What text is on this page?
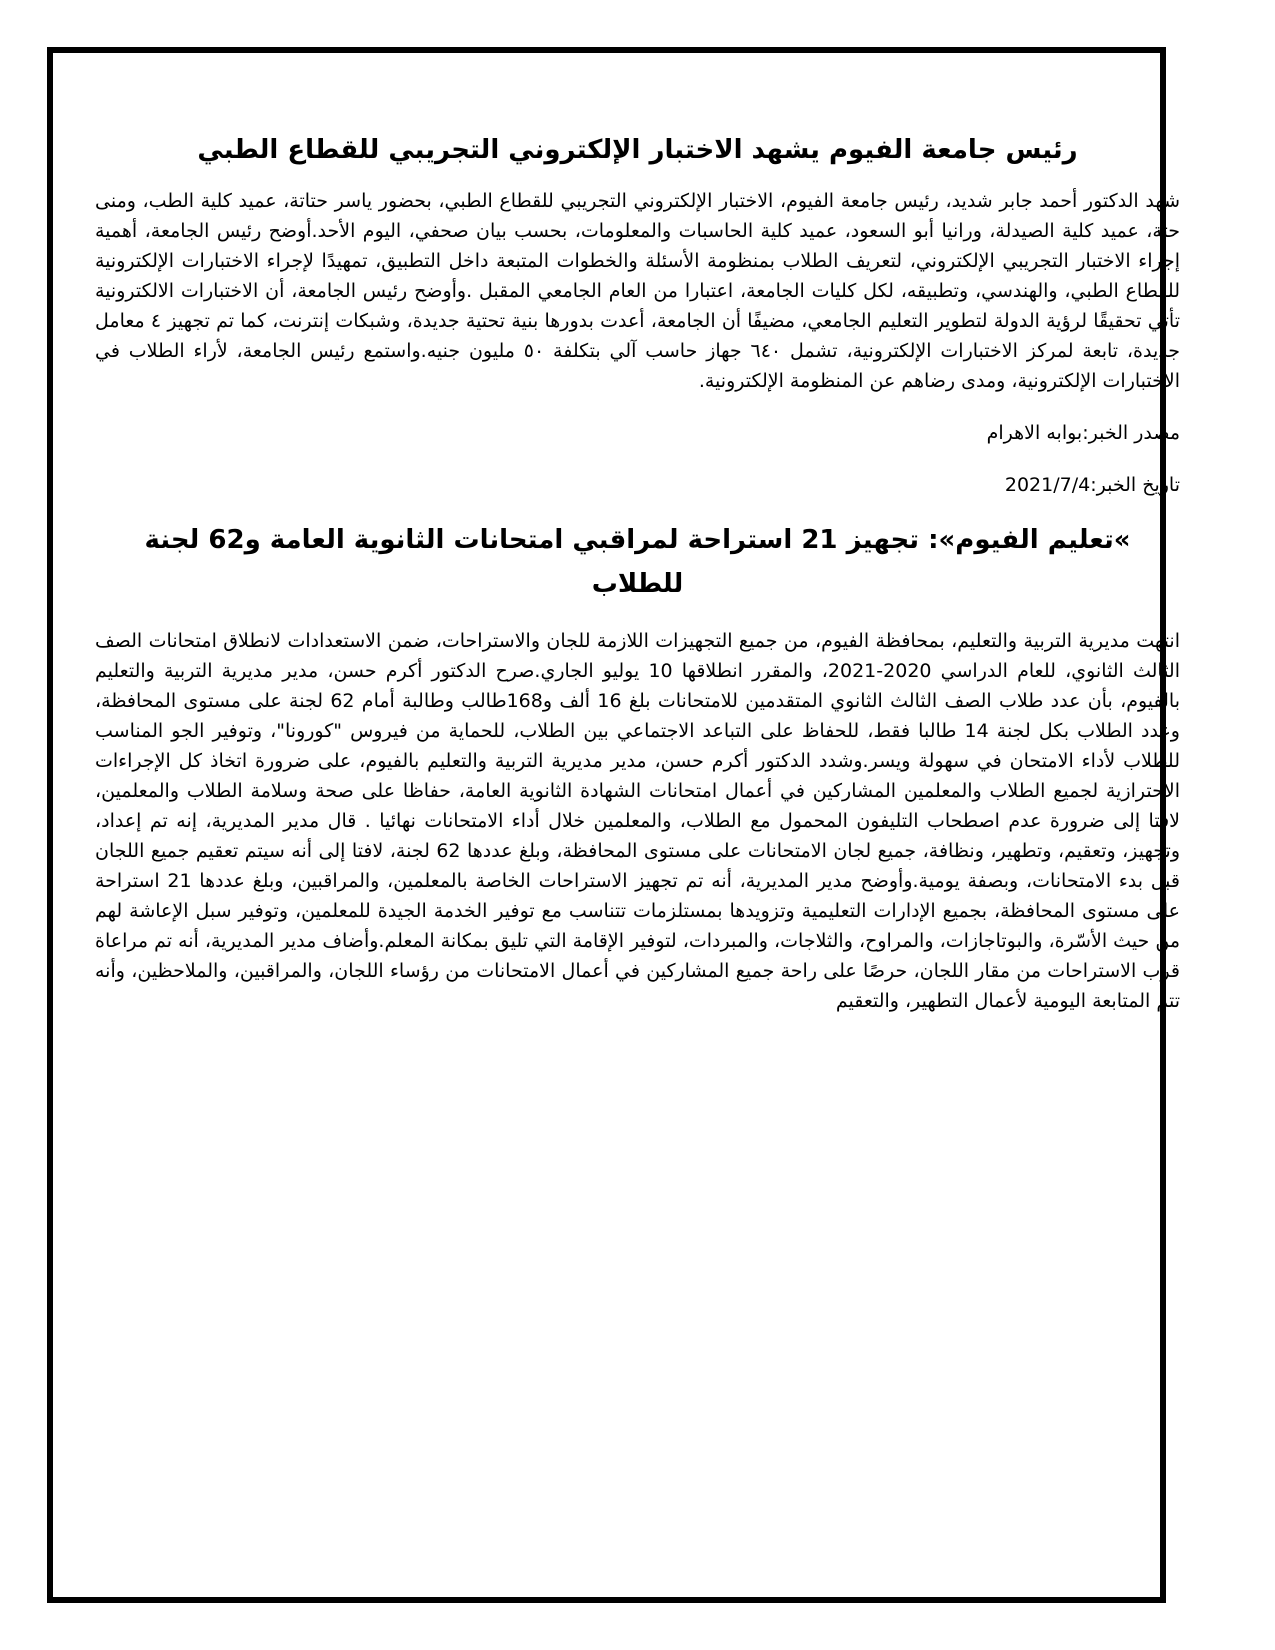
رئيس جامعة الفيوم يشهد الاختبار الإلكتروني التجريبي للقطاع الطبي

شهد الدكتور أحمد جابر شديد، رئيس جامعة الفيوم، الاختبار الإلكتروني التجريبي للقطاع الطبي، بحضور ياسر حتاتة، عميد كلية الطب، ومنى حتة، عميد كلية الصيدلة، ورانيا أبو السعود، عميد كلية الحاسبات والمعلومات، بحسب بيان صحفي، اليوم الأحد.أوضح رئيس الجامعة، أهمية إجراء الاختبار التجريبي الإلكتروني، لتعريف الطلاب بمنظومة الأسئلة والخطوات المتبعة داخل التطبيق، تمهيدًا لإجراء الاختبارات الإلكترونية للقطاع الطبي، والهندسي، وتطبيقه، لكل كليات الجامعة، اعتبارا من العام الجامعي المقبل .وأوضح رئيس الجامعة، أن الاختبارات الالكترونية تأتي تحقيقًا لرؤية الدولة لتطوير التعليم الجامعي، مضيفًا أن الجامعة، أعدت بدورها بنية تحتية جديدة، وشبكات إنترنت، كما تم تجهيز ٤ معامل جديدة، تابعة لمركز الاختبارات الإلكترونية، تشمل ٦٤٠ جهاز حاسب آلي بتكلفة ٥٠ مليون جنيه.واستمع رئيس الجامعة، لأراء الطلاب في الاختبارات الإلكترونية، ومدى رضاهم عن المنظومة الإلكترونية.

مصدر الخبر:بوابه الاهرام
تاريخ الخبر:2021/7/4
»تعليم الفيوم»: تجهيز 21 استراحة لمراقبي امتحانات الثانوية العامة و62 لجنة للطلاب

انتهت مديرية التربية والتعليم، بمحافظة الفيوم، من جميع التجهيزات اللازمة للجان والاستراحات، ضمن الاستعدادات لانطلاق امتحانات الصف الثالث الثانوي، للعام الدراسي 2020-2021، والمقرر انطلاقها 10 يوليو الجاري.صرح الدكتور أكرم حسن، مدير مديرية التربية والتعليم بالفيوم، بأن عدد طلاب الصف الثالث الثانوي المتقدمين للامتحانات بلغ 16 ألف و168طالب وطالبة أمام 62 لجنة على مستوى المحافظة، وعدد الطلاب بكل لجنة 14 طالبا فقط، للحفاظ على التباعد الاجتماعي بين الطلاب، للحماية من فيروس "كورونا"، وتوفير الجو المناسب للطلاب لأداء الامتحان في سهولة ويسر.وشدد الدكتور أكرم حسن، مدير مديرية التربية والتعليم بالفيوم، على ضرورة اتخاذ كل الإجراءات الاحترازية لجميع الطلاب والمعلمين المشاركين في أعمال امتحانات الشهادة الثانوية العامة، حفاظا على صحة وسلامة الطلاب والمعلمين، لافتا إلى ضرورة عدم اصطحاب التليفون المحمول مع الطلاب، والمعلمين خلال أداء الامتحانات نهائيا . قال مدير المديرية، إنه تم إعداد، وتجهيز، وتعقيم، وتطهير، ونظافة، جميع لجان الامتحانات على مستوى المحافظة، وبلغ عددها 62 لجنة، لافتا إلى أنه سيتم تعقيم جميع اللجان قبل بدء الامتحانات، وبصفة يومية.وأوضح مدير المديرية، أنه تم تجهيز الاستراحات الخاصة بالمعلمين، والمراقبين، وبلغ عددها 21 استراحة على مستوى المحافظة، بجميع الإدارات التعليمية وتزويدها بمستلزمات تتناسب مع توفير الخدمة الجيدة للمعلمين، وتوفير سبل الإعاشة لهم من حيث الأسّرة، والبوتاجازات، والمراوح، والثلاجات، والمبردات، لتوفير الإقامة التي تليق بمكانة المعلم.وأضاف مدير المديرية، أنه تم مراعاة قرب الاستراحات من مقار اللجان، حرصًا على راحة جميع المشاركين في أعمال الامتحانات من رؤساء اللجان، والمراقبين، والملاحظين، وأنه تتم المتابعة اليومية لأعمال التطهير، والتعقيم
